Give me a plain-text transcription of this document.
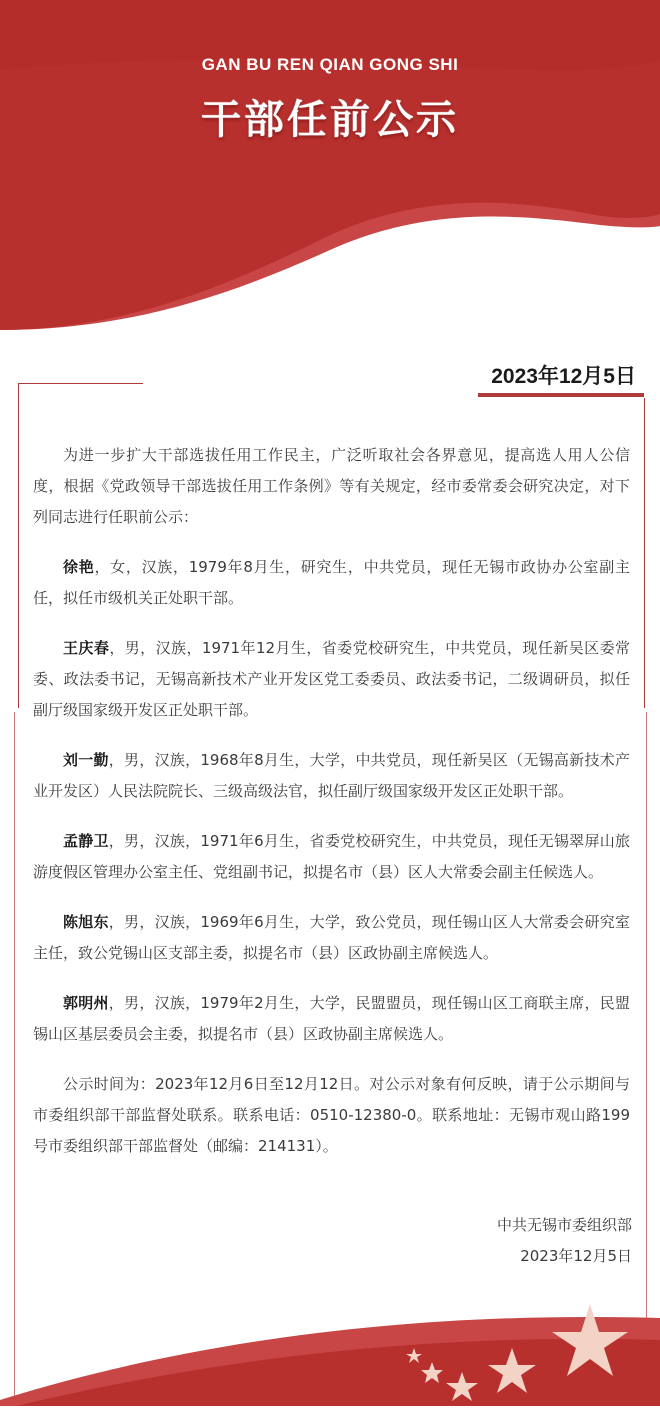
GAN BU REN QIAN GONG SHI
干部任前公示
2023年12月5日

为进一步扩大干部选拔任用工作民主，广泛听取社会各界意见，提高选人用人公信度，根据《党政领导干部选拔任用工作条例》等有关规定，经市委常委会研究决定，对下列同志进行任职前公示：

徐艳，女，汉族，1979年8月生，研究生，中共党员，现任无锡市政协办公室副主任，拟任市级机关正处职干部。

王庆春，男，汉族，1971年12月生，省委党校研究生，中共党员，现任新吴区委常委、政法委书记，无锡高新技术产业开发区党工委委员、政法委书记，二级调研员，拟任副厅级国家级开发区正处职干部。

刘一勤，男，汉族，1968年8月生，大学，中共党员，现任新吴区（无锡高新技术产业开发区）人民法院院长、三级高级法官，拟任副厅级国家级开发区正处职干部。

孟静卫，男，汉族，1971年6月生，省委党校研究生，中共党员，现任无锡翠屏山旅游度假区管理办公室主任、党组副书记，拟提名市（县）区人大常委会副主任候选人。

陈旭东，男，汉族，1969年6月生，大学，致公党员，现任锡山区人大常委会研究室主任，致公党锡山区支部主委，拟提名市（县）区政协副主席候选人。

郭明州，男，汉族，1979年2月生，大学，民盟盟员，现任锡山区工商联主席，民盟锡山区基层委员会主委，拟提名市（县）区政协副主席候选人。

公示时间为：2023年12月6日至12月12日。对公示对象有何反映，请于公示期间与市委组织部干部监督处联系。联系电话：0510-12380-0。联系地址：无锡市观山路199号市委组织部干部监督处（邮编：214131）。

中共无锡市委组织部
2023年12月5日
